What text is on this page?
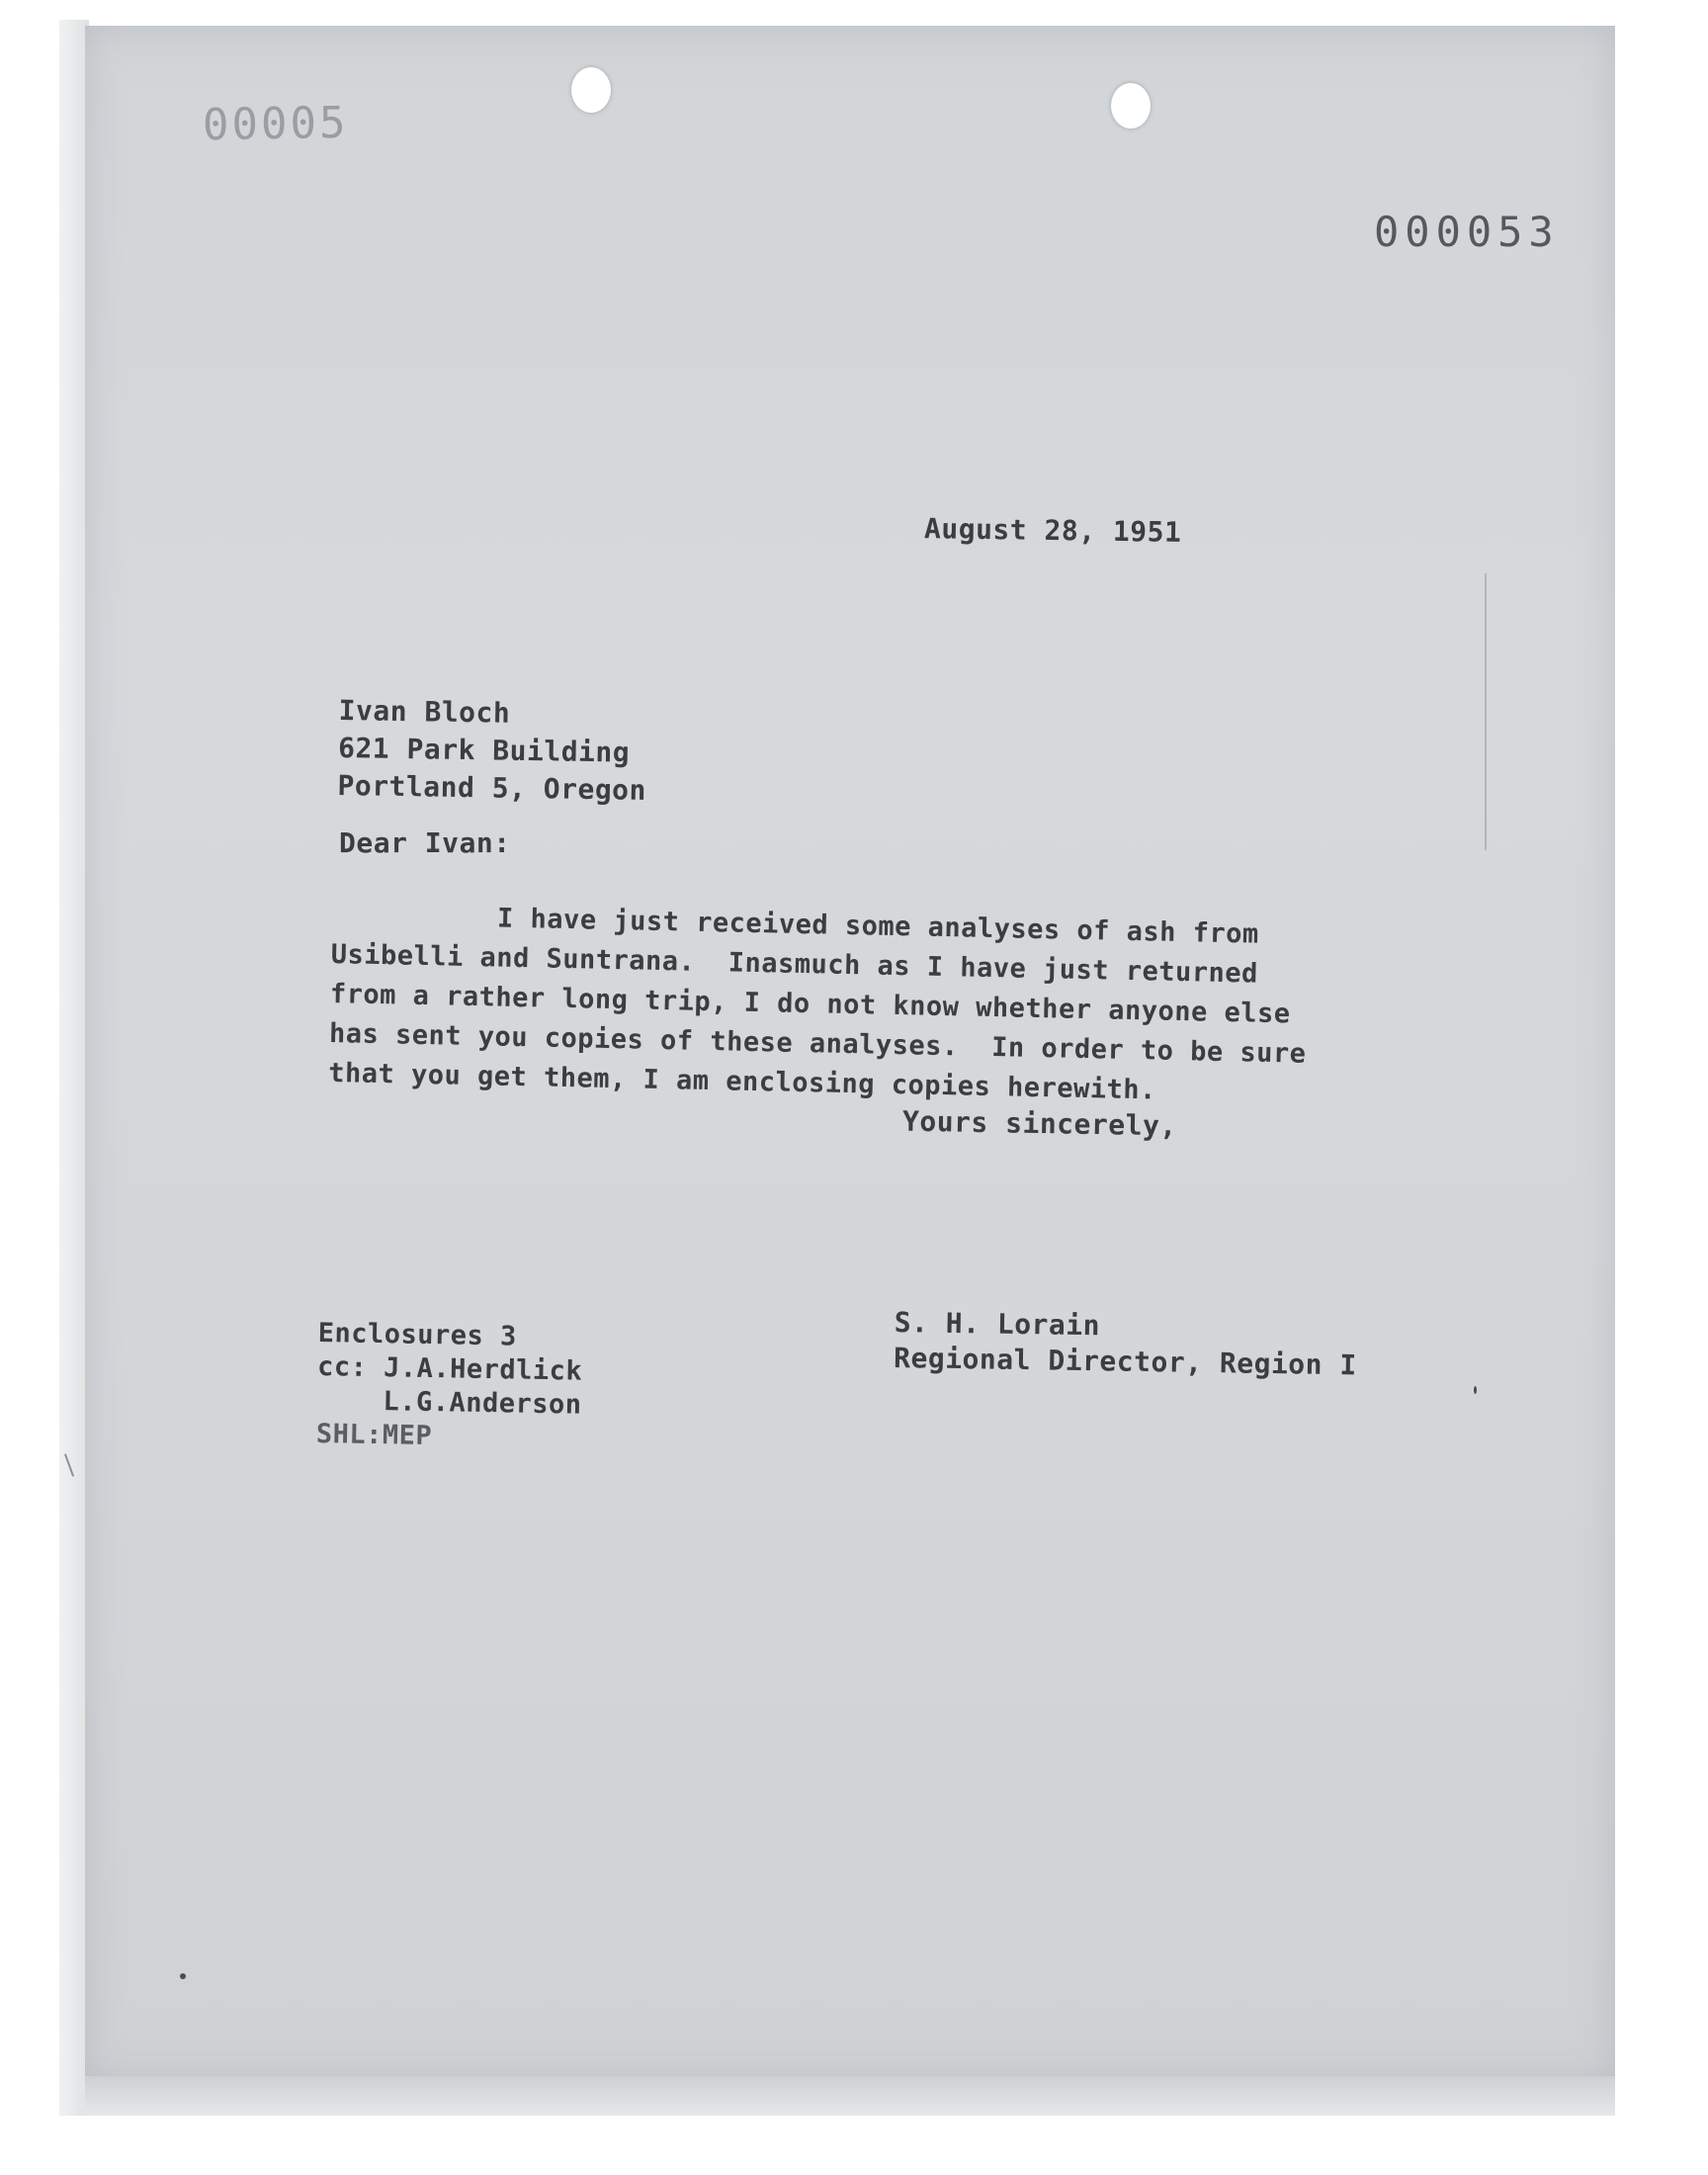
00005
000053
August 28, 1951
Ivan Bloch
621 Park Building
Portland 5, Oregon
Dear Ivan:
I have just received some analyses of ash from
Usibelli and Suntrana.  Inasmuch as I have just returned
from a rather long trip, I do not know whether anyone else
has sent you copies of these analyses.  In order to be sure
that you get them, I am enclosing copies herewith.
Yours sincerely,
S. H. Lorain
Regional Director, Region I
Enclosures 3
cc: J.A.Herdlick
L.G.Anderson
SHL:MEP
